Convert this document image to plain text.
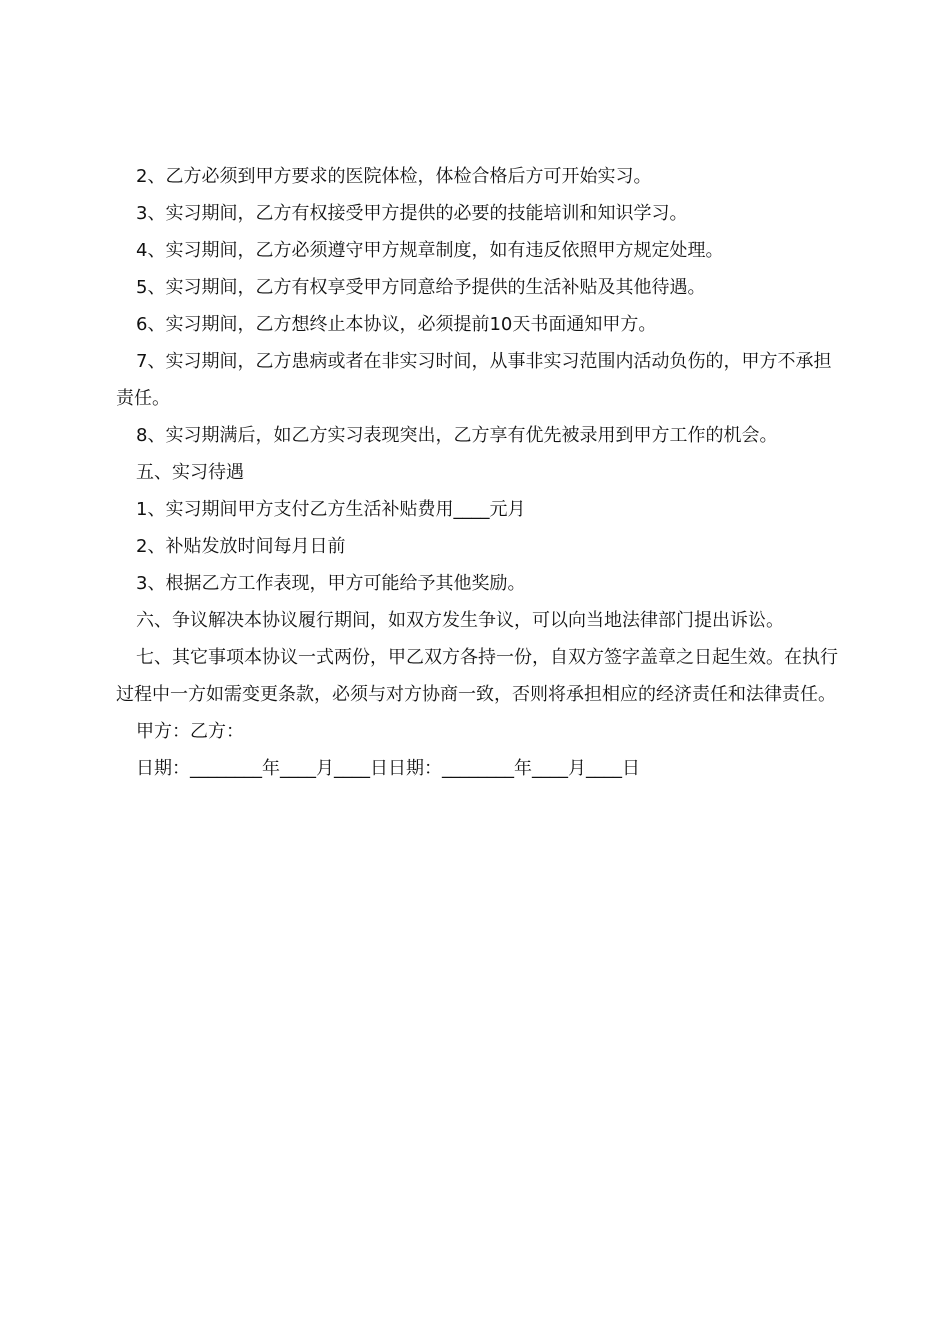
2、乙方必须到甲方要求的医院体检，体检合格后方可开始实习。

3、实习期间，乙方有权接受甲方提供的必要的技能培训和知识学习。

4、实习期间，乙方必须遵守甲方规章制度，如有违反依照甲方规定处理。

5、实习期间，乙方有权享受甲方同意给予提供的生活补贴及其他待遇。

6、实习期间，乙方想终止本协议，必须提前10天书面通知甲方。

7、实习期间，乙方患病或者在非实习时间，从事非实习范围内活动负伤的，甲方不承担责任。

8、实习期满后，如乙方实习表现突出，乙方享有优先被录用到甲方工作的机会。

五、实习待遇

1、实习期间甲方支付乙方生活补贴费用____元月

2、补贴发放时间每月日前

3、根据乙方工作表现，甲方可能给予其他奖励。

六、争议解决本协议履行期间，如双方发生争议，可以向当地法律部门提出诉讼。

七、其它事项本协议一式两份，甲乙双方各持一份，自双方签字盖章之日起生效。在执行过程中一方如需变更条款，必须与对方协商一致，否则将承担相应的经济责任和法律责任。

甲方：乙方：

日期：________年____月____日日期：________年____月____日
